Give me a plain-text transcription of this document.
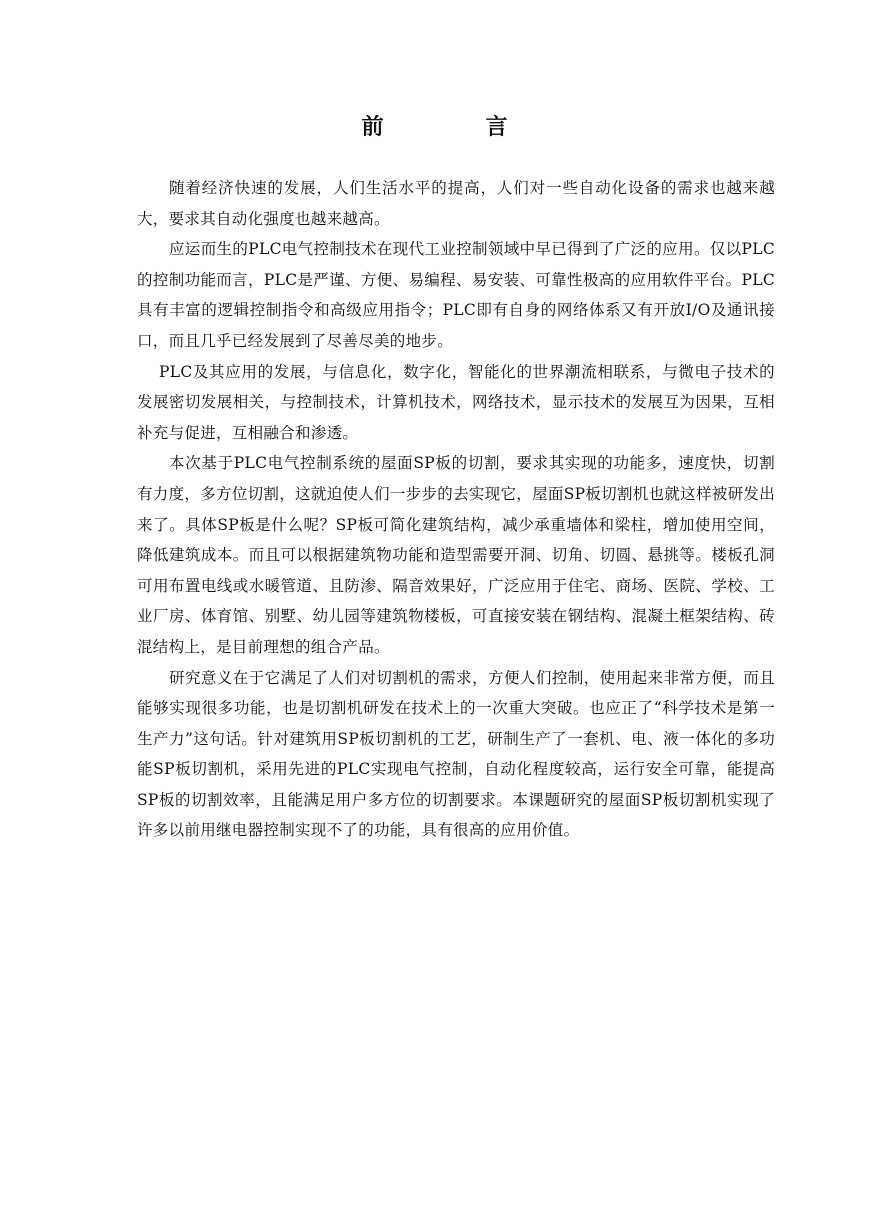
前　言

随着经济快速的发展，人们生活水平的提高，人们对一些自动化设备的需求也越来越大，要求其自动化强度也越来越高。

应运而生的PLC电气控制技术在现代工业控制领域中早已得到了广泛的应用。仅以PLC的控制功能而言，PLC是严谨、方便、易编程、易安装、可靠性极高的应用软件平台。PLC具有丰富的逻辑控制指令和高级应用指令；PLC即有自身的网络体系又有开放I/O及通讯接口，而且几乎已经发展到了尽善尽美的地步。

PLC及其应用的发展，与信息化，数字化，智能化的世界潮流相联系，与微电子技术的发展密切发展相关，与控制技术，计算机技术，网络技术，显示技术的发展互为因果，互相补充与促进，互相融合和渗透。

本次基于PLC电气控制系统的屋面SP板的切割，要求其实现的功能多，速度快，切割有力度，多方位切割，这就迫使人们一步步的去实现它，屋面SP板切割机也就这样被研发出来了。具体SP板是什么呢？SP板可简化建筑结构，减少承重墙体和梁柱，增加使用空间，降低建筑成本。而且可以根据建筑物功能和造型需要开洞、切角、切圆、悬挑等。楼板孔洞可用布置电线或水暖管道、且防渗、隔音效果好，广泛应用于住宅、商场、医院、学校、工业厂房、体育馆、别墅、幼儿园等建筑物楼板，可直接安装在钢结构、混凝土框架结构、砖混结构上，是目前理想的组合产品。

研究意义在于它满足了人们对切割机的需求，方便人们控制，使用起来非常方便，而且能够实现很多功能，也是切割机研发在技术上的一次重大突破。也应正了“科学技术是第一生产力”这句话。针对建筑用SP板切割机的工艺，研制生产了一套机、电、液一体化的多功能SP板切割机，采用先进的PLC实现电气控制，自动化程度较高，运行安全可靠，能提高SP板的切割效率，且能满足用户多方位的切割要求。本课题研究的屋面SP板切割机实现了许多以前用继电器控制实现不了的功能，具有很高的应用价值。
